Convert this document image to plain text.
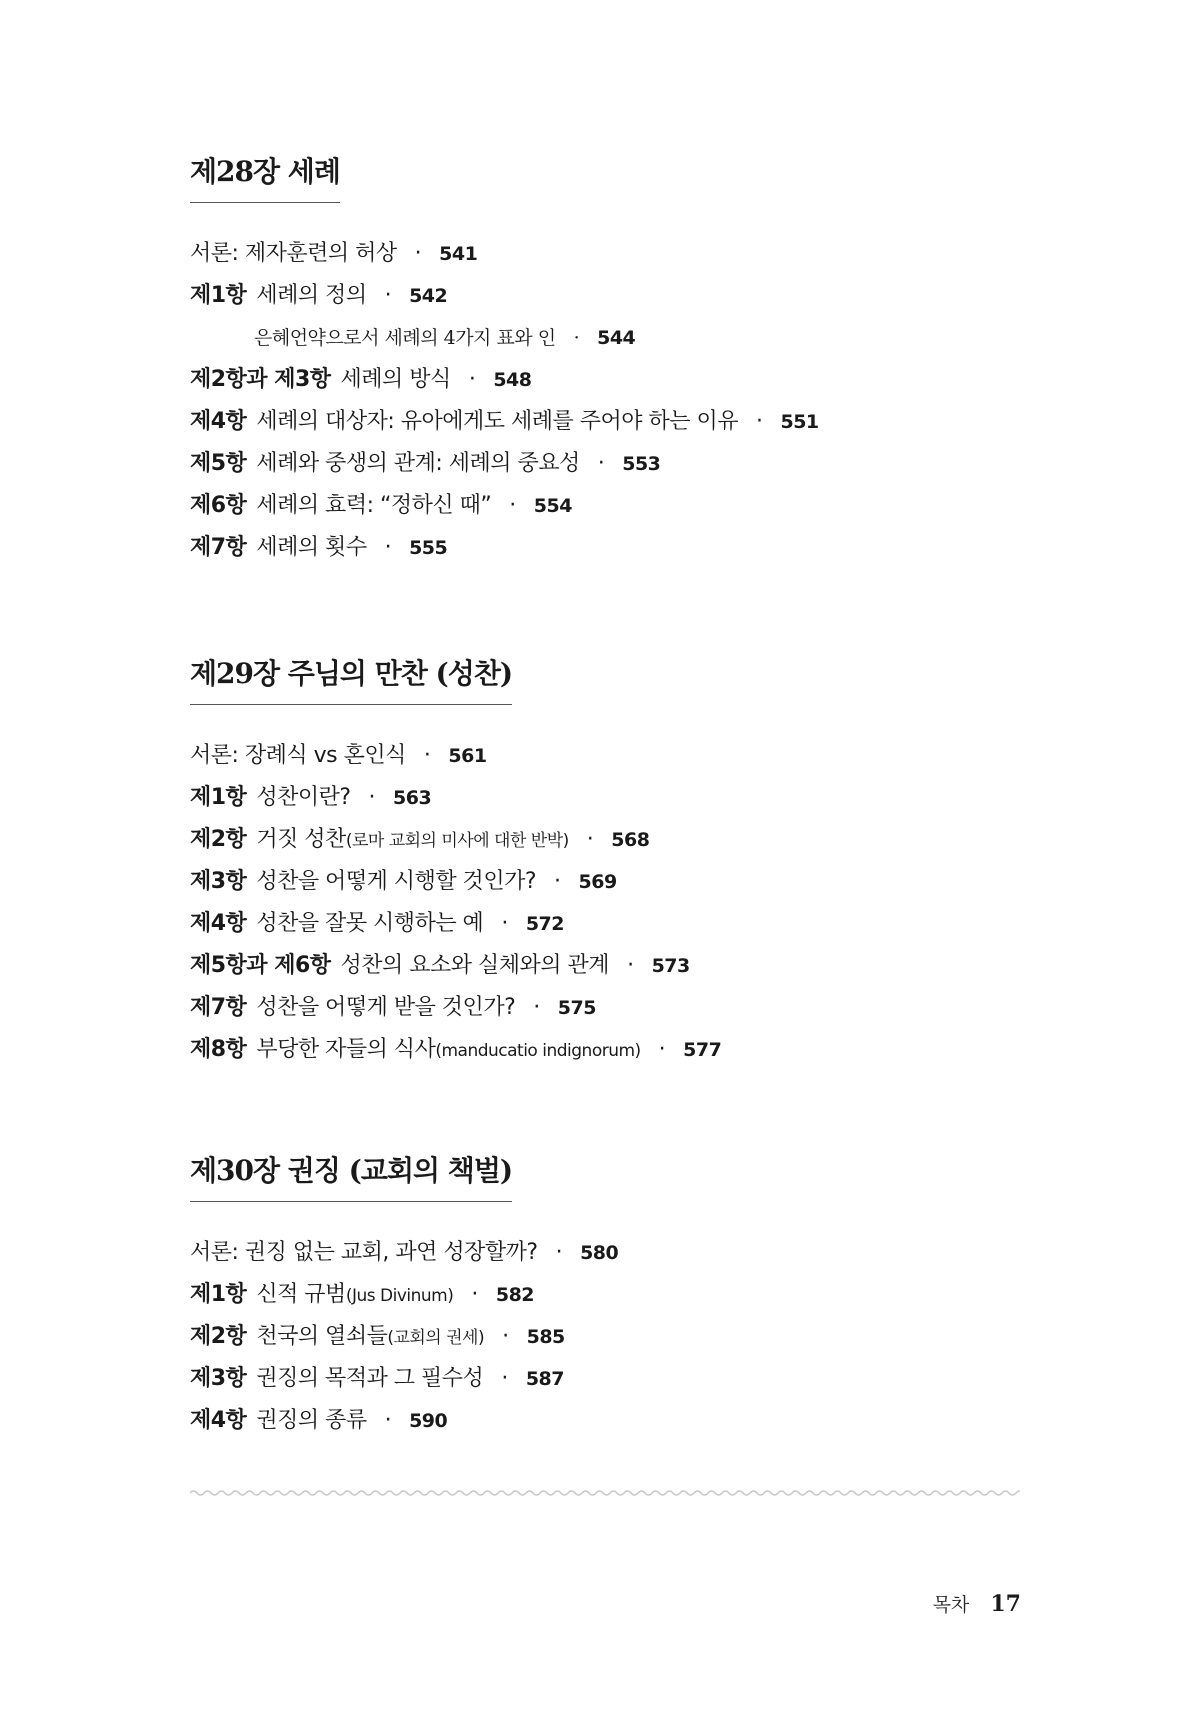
제28장 세례
서론: 제자훈련의 허상 · 541
제1항 세례의 정의 · 542
은혜언약으로서 세례의 4가지 표와 인 · 544
제2항과 제3항 세례의 방식 · 548
제4항 세례의 대상자: 유아에게도 세례를 주어야 하는 이유 · 551
제5항 세례와 중생의 관계: 세례의 중요성 · 553
제6항 세례의 효력: “정하신 때” · 554
제7항 세례의 횟수 · 555
제29장 주님의 만찬 (성찬)
서론: 장례식 vs 혼인식 · 561
제1항 성찬이란? · 563
제2항 거짓 성찬(로마 교회의 미사에 대한 반박) · 568
제3항 성찬을 어떻게 시행할 것인가? · 569
제4항 성찬을 잘못 시행하는 예 · 572
제5항과 제6항 성찬의 요소와 실체와의 관계 · 573
제7항 성찬을 어떻게 받을 것인가? · 575
제8항 부당한 자들의 식사(manducatio indignorum) · 577
제30장 권징 (교회의 책벌)
서론: 권징 없는 교회, 과연 성장할까? · 580
제1항 신적 규범(Jus Divinum) · 582
제2항 천국의 열쇠들(교회의 권세) · 585
제3항 권징의 목적과 그 필수성 · 587
제4항 권징의 종류 · 590
목차 17
